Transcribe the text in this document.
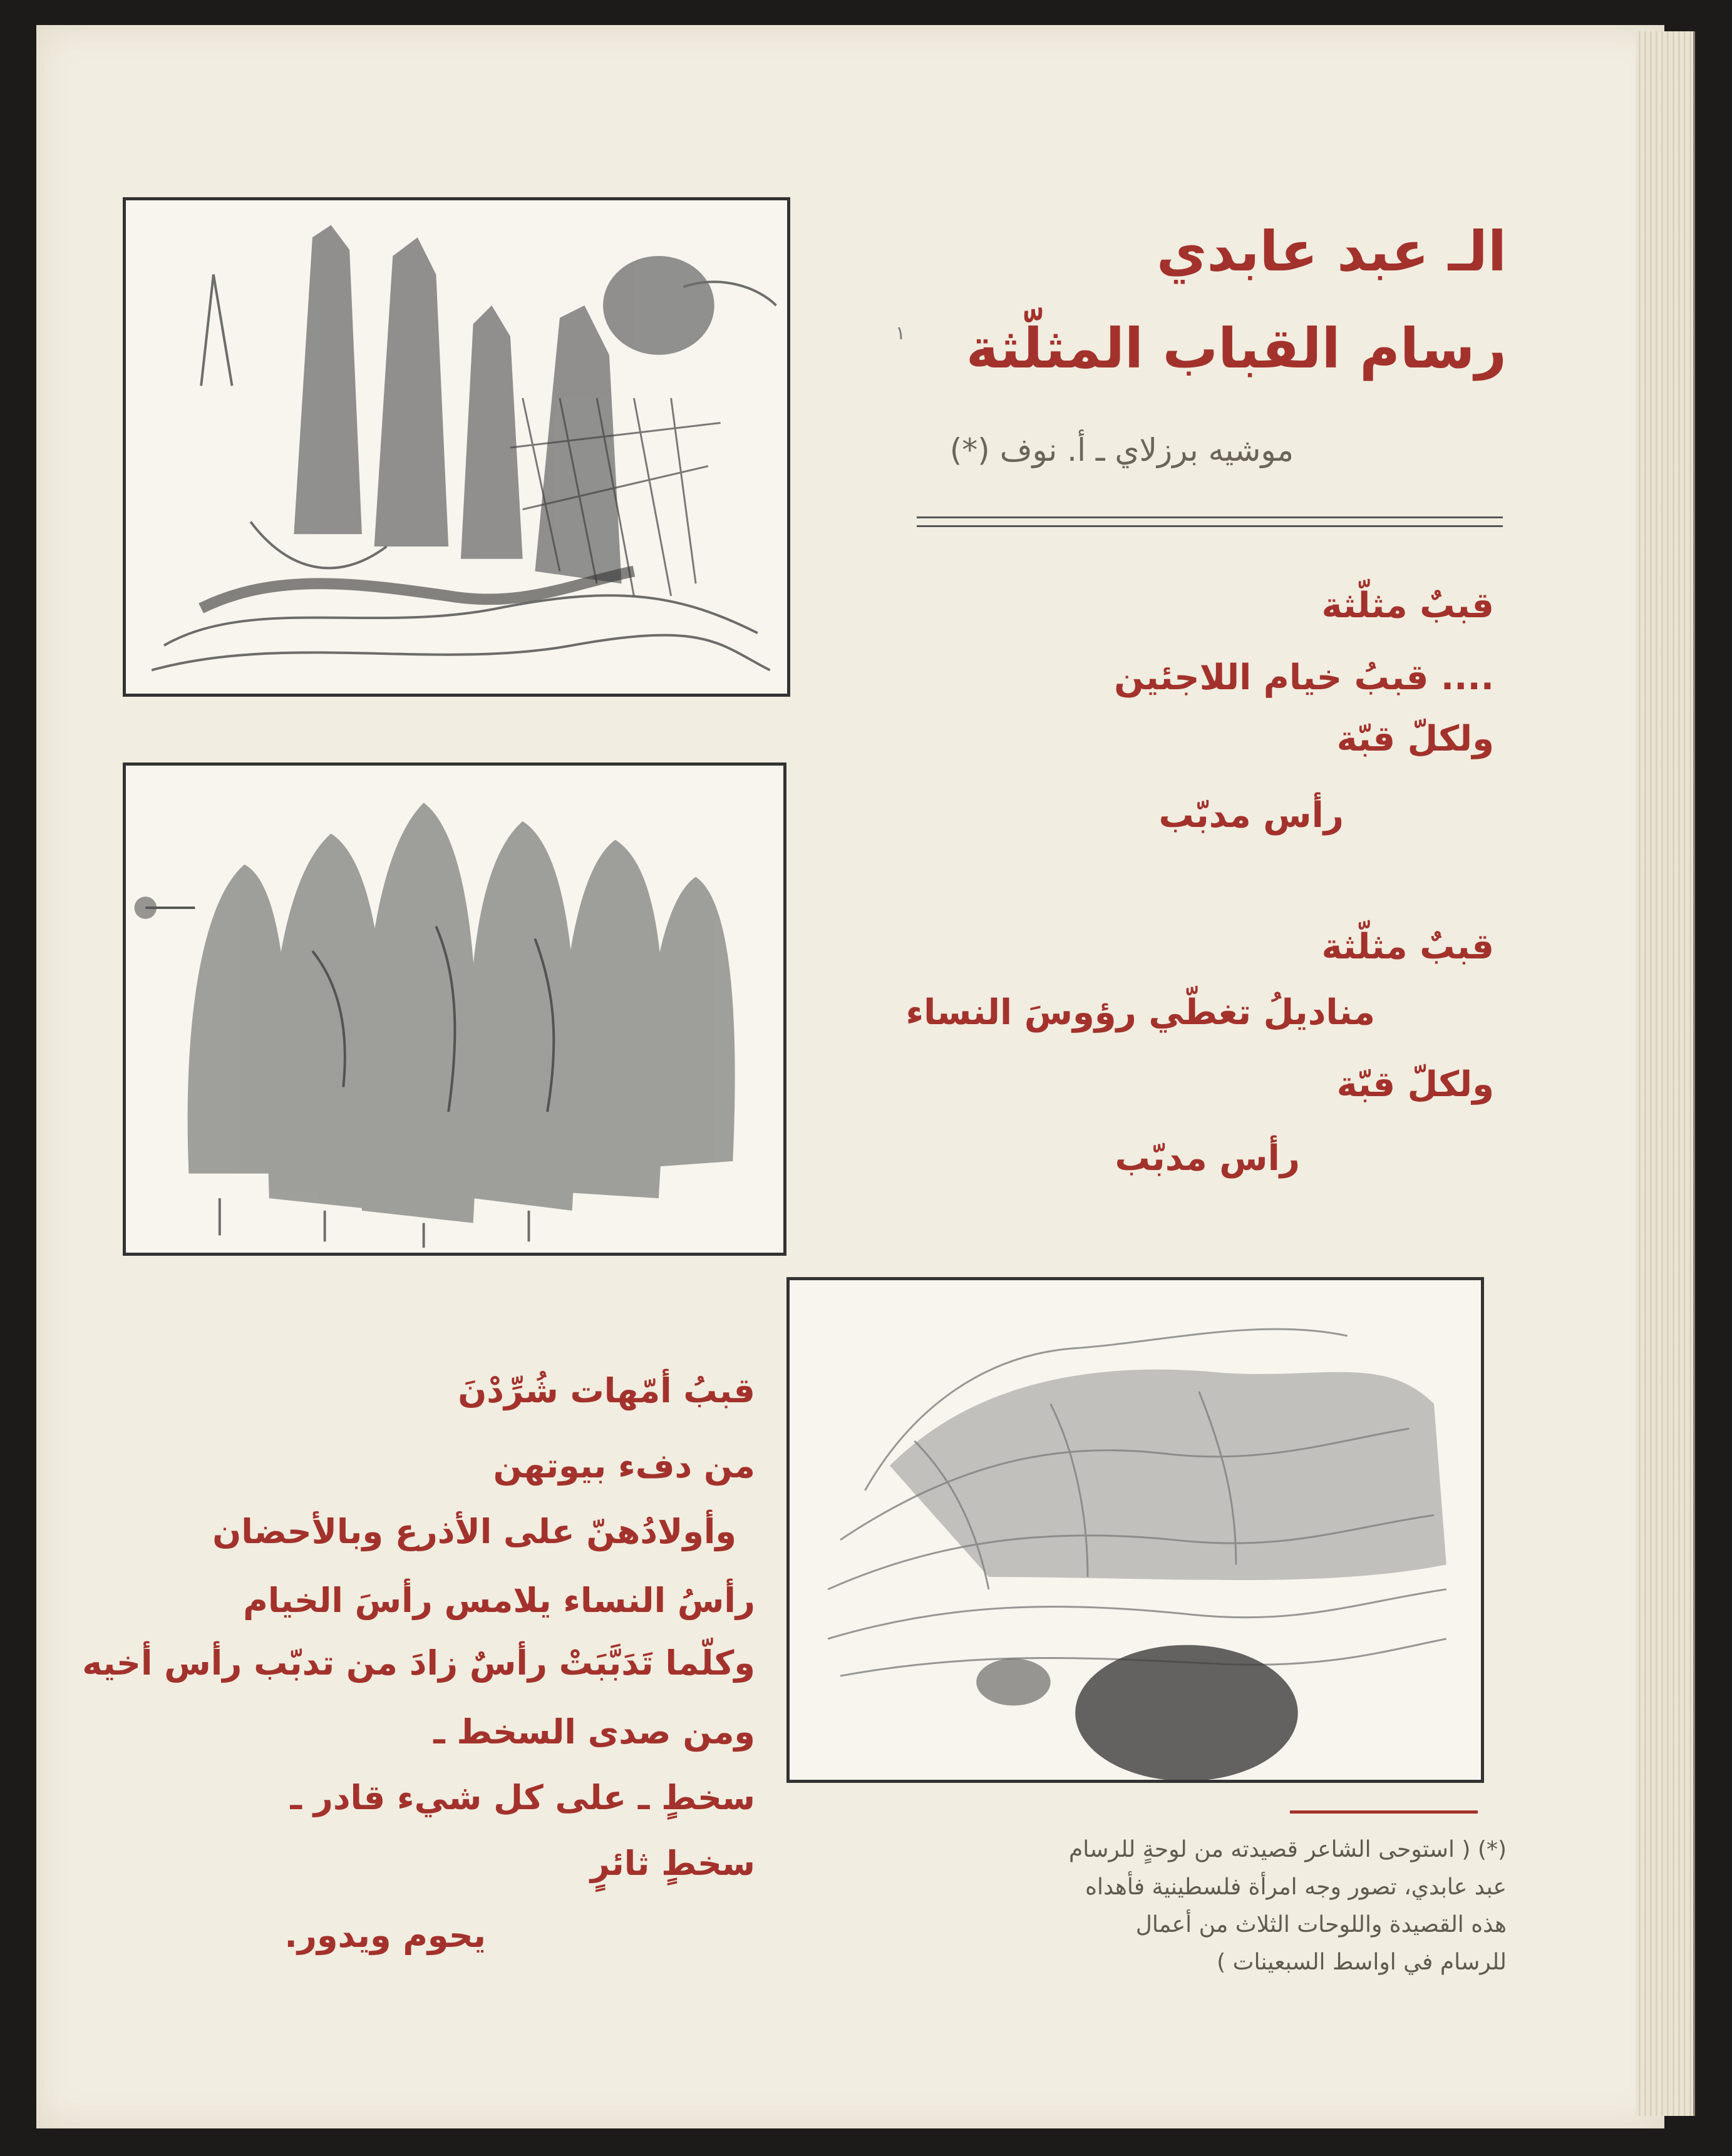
الـ عبد عابدي
رسام القباب المثلّثة
١
موشيه برزلاي ـ أ. نوف (*)
قببٌ مثلّثة
.... قببُ خيام اللاجئين
ولكلّ قبّة
رأس مدبّب
قببٌ مثلّثة
مناديلُ تغطّي رؤوسَ النساء
ولكلّ قبّة
رأس مدبّب
قببُ أمّهات شُرِّدْنَ
من دفء بيوتهن
وأولادُهنّ على الأذرع وبالأحضان
رأسُ النساء يلامس رأسَ الخيام
وكلّما تَدَبَّبَتْ رأسٌ زادَ من تدبّب رأس أخيه
ومن صدى السخط ـ
سخطٍ ـ على كل شيء قادر ـ
سخطٍ ثائرٍ
يحوم ويدور.
(*) ( استوحى الشاعر قصيدته من لوحةٍ للرسام عبد عابدي، تصور وجه امرأة فلسطينية فأهداه هذه القصيدة واللوحات الثلاث من أعمال للرسام في اواسط السبعينات )
